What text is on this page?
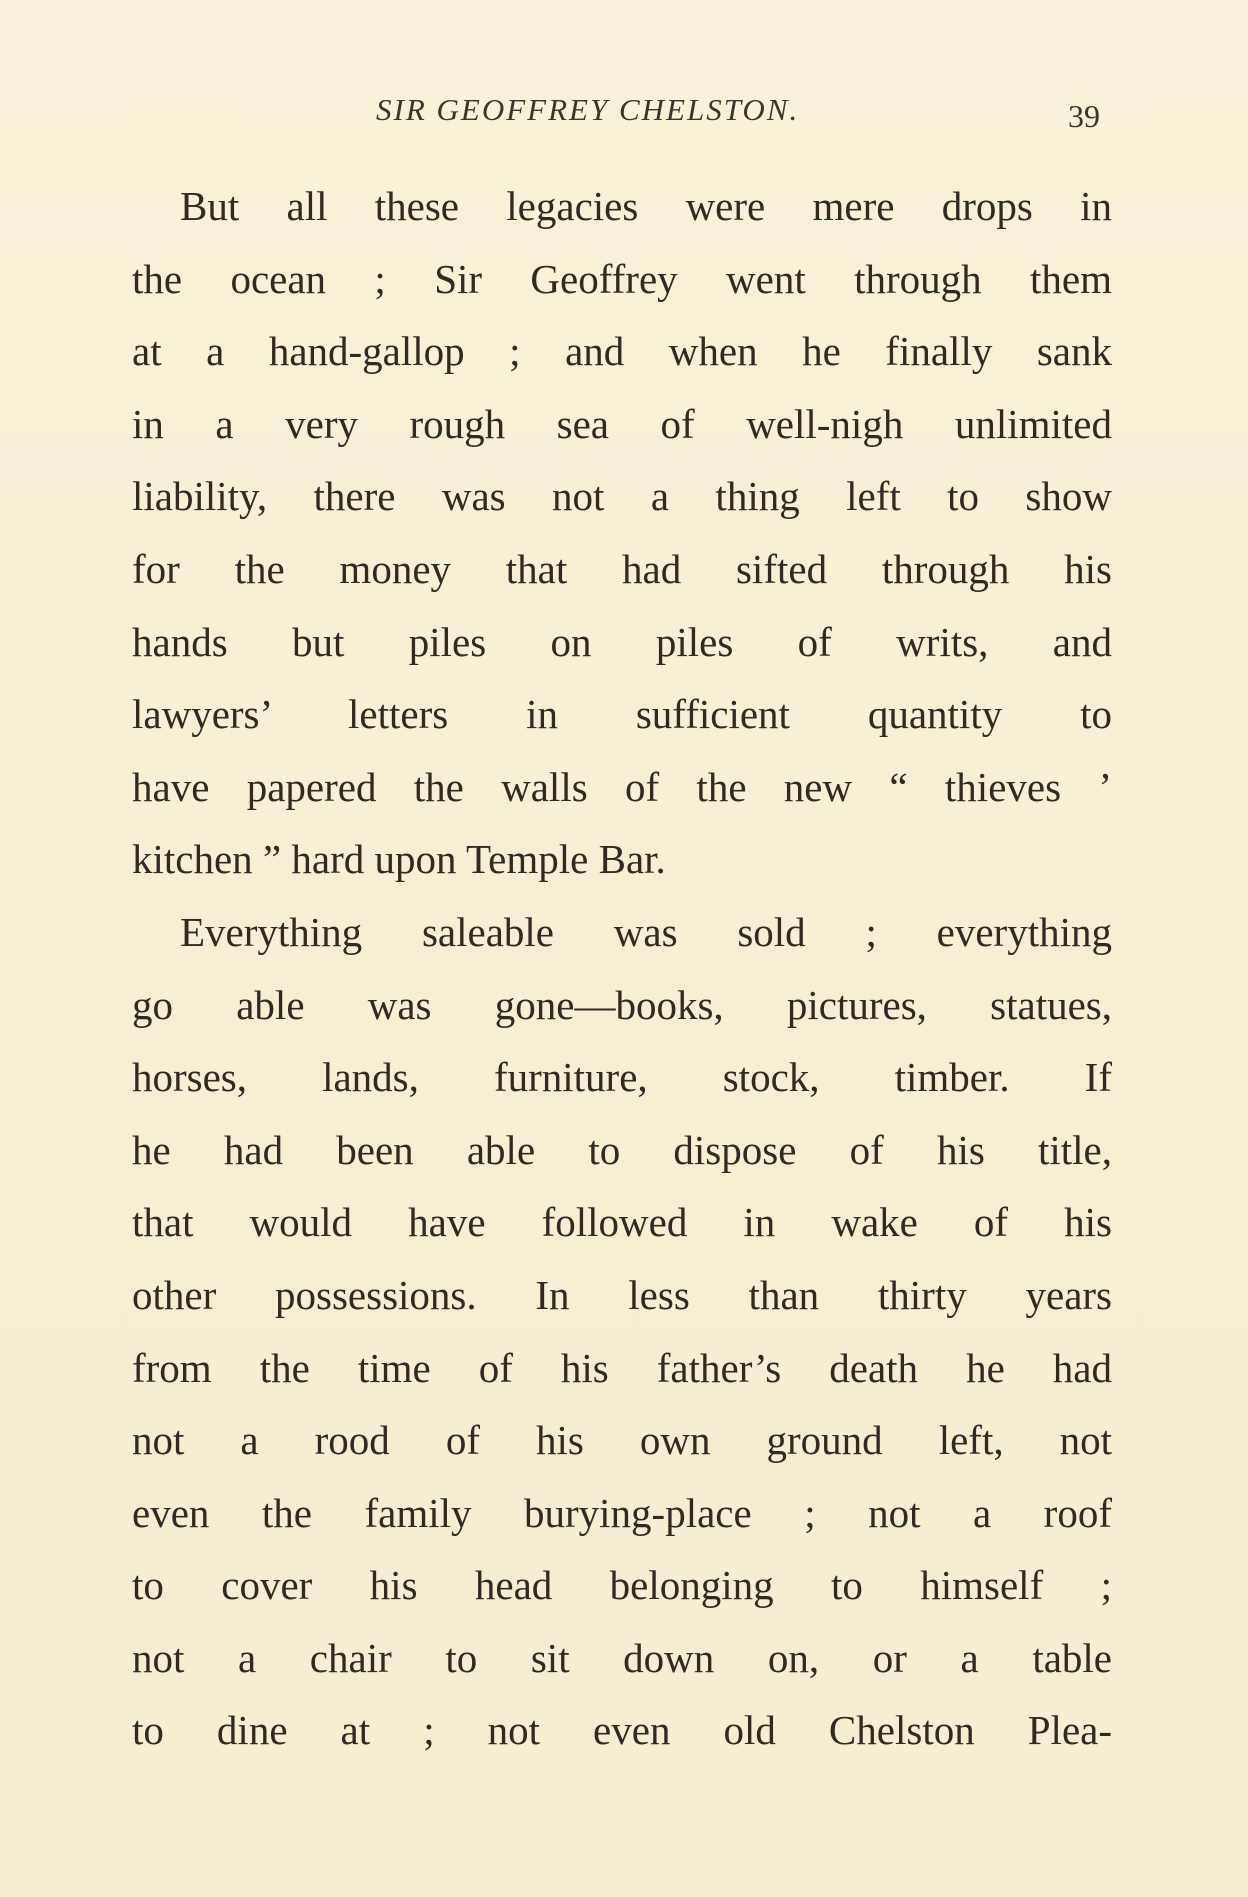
SIR GEOFFREY CHELSTON.	39
But all these legacies were mere drops in
the ocean ; Sir Geoffrey went through them
at a hand-gallop ; and when he finally sank
in a very rough sea of well-nigh unlimited
liability, there was not a thing left to show
for the money that had sifted through his
hands but piles on piles of writs, and
lawyers’ letters in sufficient quantity to
have papered the walls of the new “ thieves ’
kitchen ” hard upon Temple Bar.
Everything saleable was sold ; everything
go able was gone—books, pictures, statues,
horses, lands, furniture, stock, timber. If
he had been able to dispose of his title,
that would have followed in wake of his
other possessions. In less than thirty years
from the time of his father’s death he had
not a rood of his own ground left, not
even the family burying-place ; not a roof
to cover his head belonging to himself ;
not a chair to sit down on, or a table
to dine at ; not even old Chelston Plea-
